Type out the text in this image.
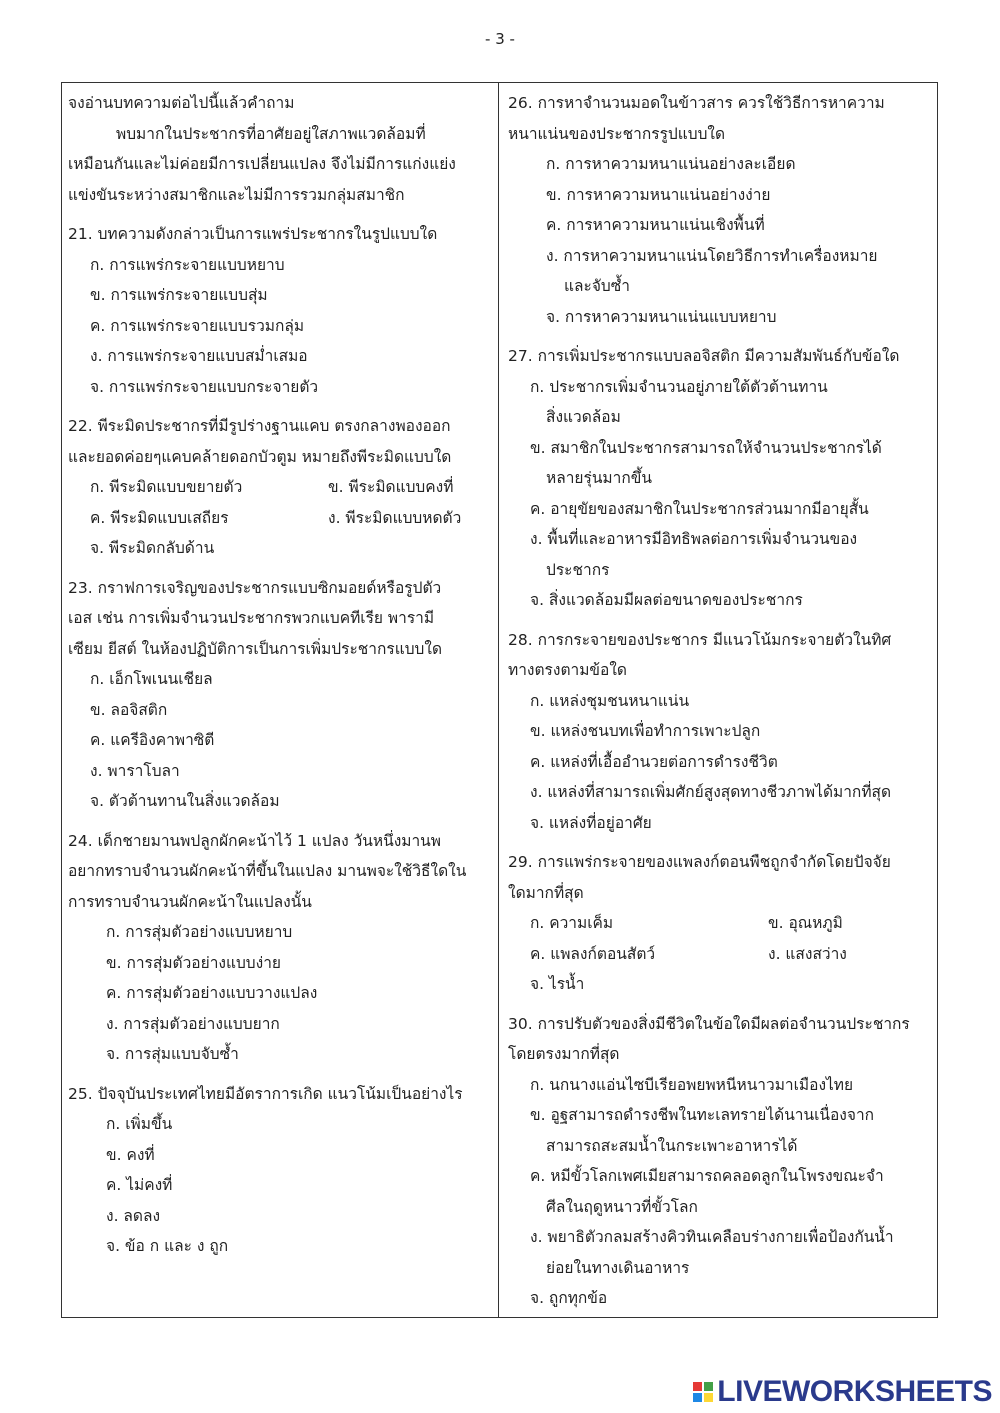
- 3 -
จงอ่านบทความต่อไปนี้แล้วคำถาม
พบมากในประชากรที่อาศัยอยู่ใสภาพแวดล้อมที่
เหมือนกันและไม่ค่อยมีการเปลี่ยนแปลง จึงไม่มีการแก่งแย่ง
แข่งขันระหว่างสมาชิกและไม่มีการรวมกลุ่มสมาชิก
21. บทความดังกล่าวเป็นการแพร่ประชากรในรูปแบบใด
ก. การแพร่กระจายแบบหยาบ
ข. การแพร่กระจายแบบสุ่ม
ค. การแพร่กระจายแบบรวมกลุ่ม
ง. การแพร่กระจายแบบสม่ำเสมอ
จ. การแพร่กระจายแบบกระจายตัว
22. พีระมิดประชากรที่มีรูปร่างฐานแคบ ตรงกลางพองออก
และยอดค่อยๆแคบคล้ายดอกบัวตูม หมายถึงพีระมิดแบบใด
ก. พีระมิดแบบขยายตัว	ข. พีระมิดแบบคงที่
ค. พีระมิดแบบเสถียร	ง. พีระมิดแบบหดตัว
จ. พีระมิดกลับด้าน
23. กราฟการเจริญของประชากรแบบซิกมอยด์หรือรูปตัว
เอส เช่น การเพิ่มจำนวนประชากรพวกแบคทีเรีย พารามี
เซียม ยีสต์ ในห้องปฏิบัติการเป็นการเพิ่มประชากรแบบใด
ก. เอ็กโพเนนเชียล
ข. ลอจิสติก
ค. แครีอิงคาพาซิตี
ง. พาราโบลา
จ. ตัวต้านทานในสิ่งแวดล้อม
24. เด็กชายมานพปลูกผักคะน้าไว้ 1 แปลง วันหนึ่งมานพ
อยากทราบจำนวนผักคะน้าที่ขึ้นในแปลง มานพจะใช้วิธีใดใน
การทราบจำนวนผักคะน้าในแปลงนั้น
ก. การสุ่มตัวอย่างแบบหยาบ
ข. การสุ่มตัวอย่างแบบง่าย
ค. การสุ่มตัวอย่างแบบวางแปลง
ง. การสุ่มตัวอย่างแบบยาก
จ. การสุ่มแบบจับซ้ำ
25. ปัจจุบันประเทศไทยมีอัตราการเกิด แนวโน้มเป็นอย่างไร
ก. เพิ่มขึ้น
ข. คงที่
ค. ไม่คงที่
ง. ลดลง
จ. ข้อ ก และ ง ถูก
26. การหาจำนวนมอดในข้าวสาร ควรใช้วิธีการหาความ
หนาแน่นของประชากรรูปแบบใด
ก. การหาความหนาแน่นอย่างละเอียด
ข. การหาความหนาแน่นอย่างง่าย
ค. การหาความหนาแน่นเชิงพื้นที่
ง. การหาความหนาแน่นโดยวิธีการทำเครื่องหมาย
และจับซ้ำ
จ. การหาความหนาแน่นแบบหยาบ
27. การเพิ่มประชากรแบบลอจิสติก มีความสัมพันธ์กับข้อใด
ก. ประชากรเพิ่มจำนวนอยู่ภายใต้ตัวต้านทาน
สิ่งแวดล้อม
ข. สมาชิกในประชากรสามารถให้จำนวนประชากรได้
หลายรุ่นมากขึ้น
ค. อายุขัยของสมาชิกในประชากรส่วนมากมีอายุสั้น
ง. พื้นที่และอาหารมีอิทธิพลต่อการเพิ่มจำนวนของ
ประชากร
จ. สิ่งแวดล้อมมีผลต่อขนาดของประชากร
28. การกระจายของประชากร มีแนวโน้มกระจายตัวในทิศ
ทางตรงตามข้อใด
ก. แหล่งชุมชนหนาแน่น
ข. แหล่งชนบทเพื่อทำการเพาะปลูก
ค. แหล่งที่เอื้ออำนวยต่อการดำรงชีวิต
ง. แหล่งที่สามารถเพิ่มศักย์สูงสุดทางชีวภาพได้มากที่สุด
จ. แหล่งที่อยู่อาศัย
29. การแพร่กระจายของแพลงก์ตอนพืชถูกจำกัดโดยปัจจัย
ใดมากที่สุด
ก. ความเค็ม	ข. อุณหภูมิ
ค. แพลงก์ตอนสัตว์	ง. แสงสว่าง
จ. ไรน้ำ
30. การปรับตัวของสิ่งมีชีวิตในข้อใดมีผลต่อจำนวนประชากร
โดยตรงมากที่สุด
ก. นกนางแอ่นไซบีเรียอพยพหนีหนาวมาเมืองไทย
ข. อูฐสามารถดำรงชีพในทะเลทรายได้นานเนื่องจาก
สามารถสะสมน้ำในกระเพาะอาหารได้
ค. หมีขั้วโลกเพศเมียสามารถคลอดลูกในโพรงขณะจำ
ศีลในฤดูหนาวที่ขั้วโลก
ง. พยาธิตัวกลมสร้างคิวทินเคลือบร่างกายเพื่อป้องกันน้ำ
ย่อยในทางเดินอาหาร
จ. ถูกทุกข้อ
LIVEWORKSHEETS
